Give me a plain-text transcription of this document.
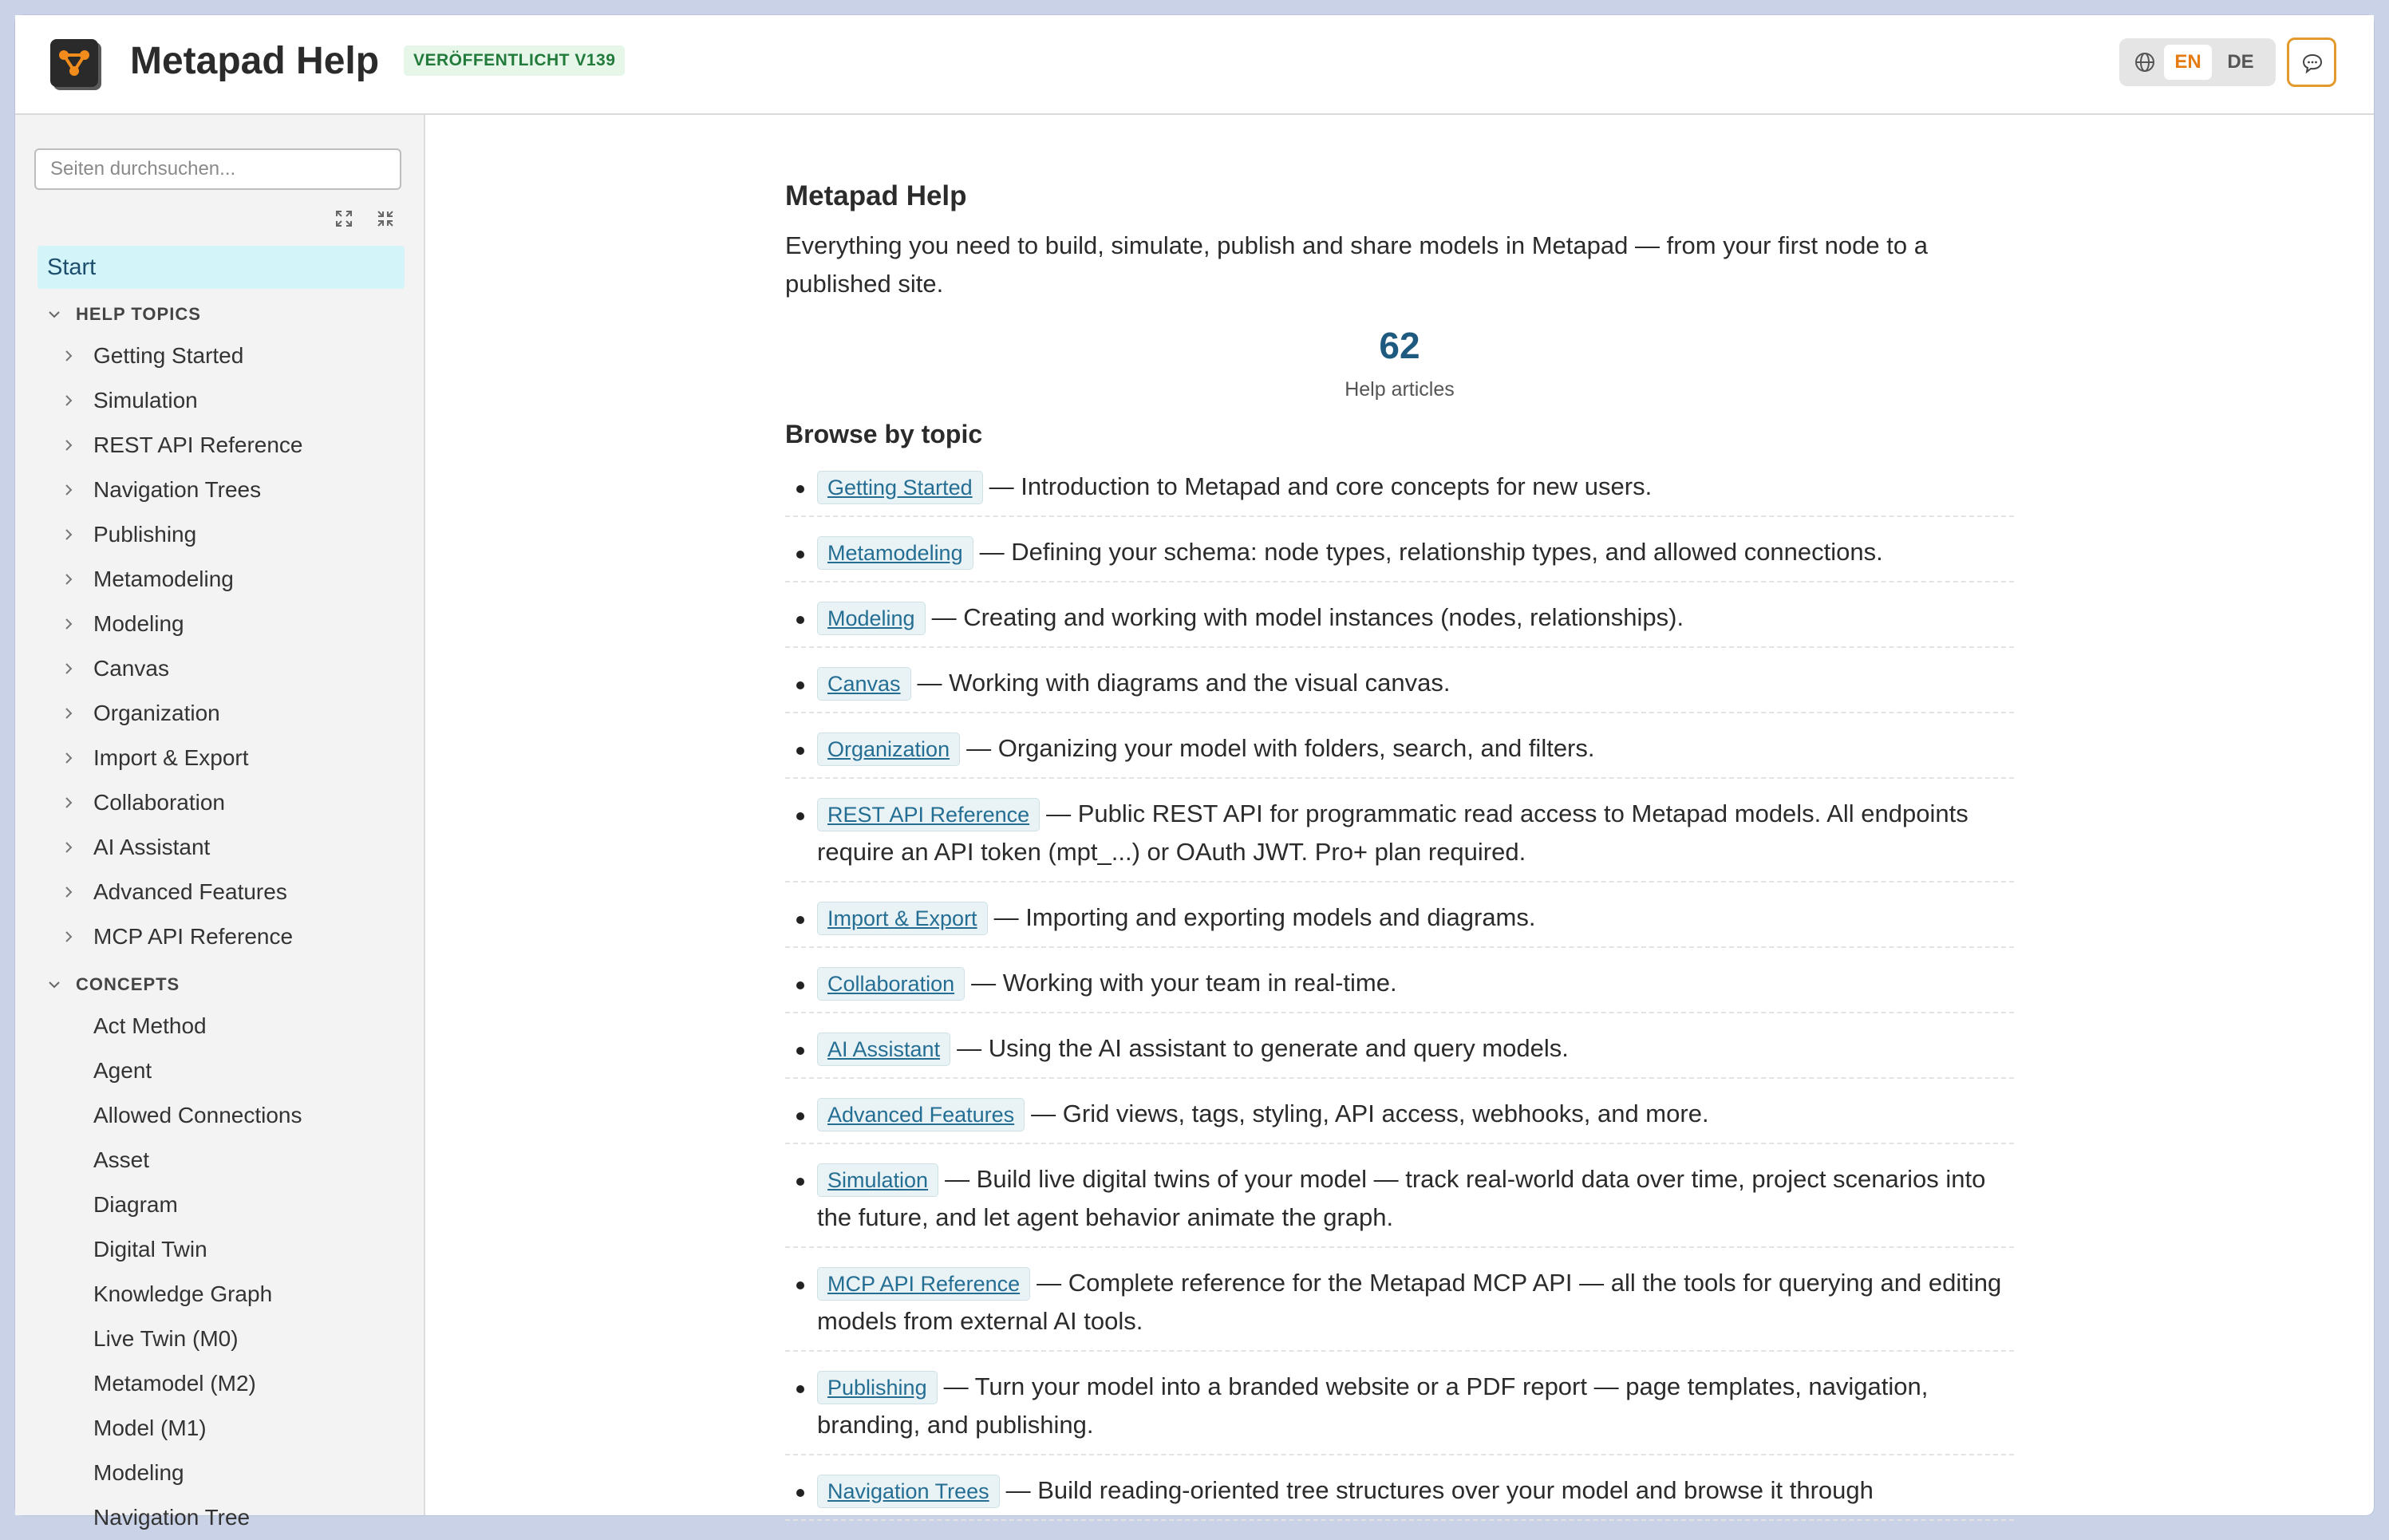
Metapad Help	VERÖFFENTLICHT V139	EN	DE
Seiten durchsuchen...
Start
HELP TOPICS
Getting Started
Simulation
REST API Reference
Navigation Trees
Publishing
Metamodeling
Modeling
Canvas
Organization
Import & Export
Collaboration
AI Assistant
Advanced Features
MCP API Reference
CONCEPTS
Act Method
Agent
Allowed Connections
Asset
Diagram
Digital Twin
Knowledge Graph
Live Twin (M0)
Metamodel (M2)
Model (M1)
Modeling
Navigation Tree
Metapad Help
Everything you need to build, simulate, publish and share models in Metapad — from your first node to a published site.
62
Help articles
Browse by topic
Getting Started — Introduction to Metapad and core concepts for new users.
Metamodeling — Defining your schema: node types, relationship types, and allowed connections.
Modeling — Creating and working with model instances (nodes, relationships).
Canvas — Working with diagrams and the visual canvas.
Organization — Organizing your model with folders, search, and filters.
REST API Reference — Public REST API for programmatic read access to Metapad models. All endpoints require an API token (mpt_...) or OAuth JWT. Pro+ plan required.
Import & Export — Importing and exporting models and diagrams.
Collaboration — Working with your team in real-time.
AI Assistant — Using the AI assistant to generate and query models.
Advanced Features — Grid views, tags, styling, API access, webhooks, and more.
Simulation — Build live digital twins of your model — track real-world data over time, project scenarios into the future, and let agent behavior animate the graph.
MCP API Reference — Complete reference for the Metapad MCP API — all the tools for querying and editing models from external AI tools.
Publishing — Turn your model into a branded website or a PDF report — page templates, navigation, branding, and publishing.
Navigation Trees — Build reading-oriented tree structures over your model and browse it through
